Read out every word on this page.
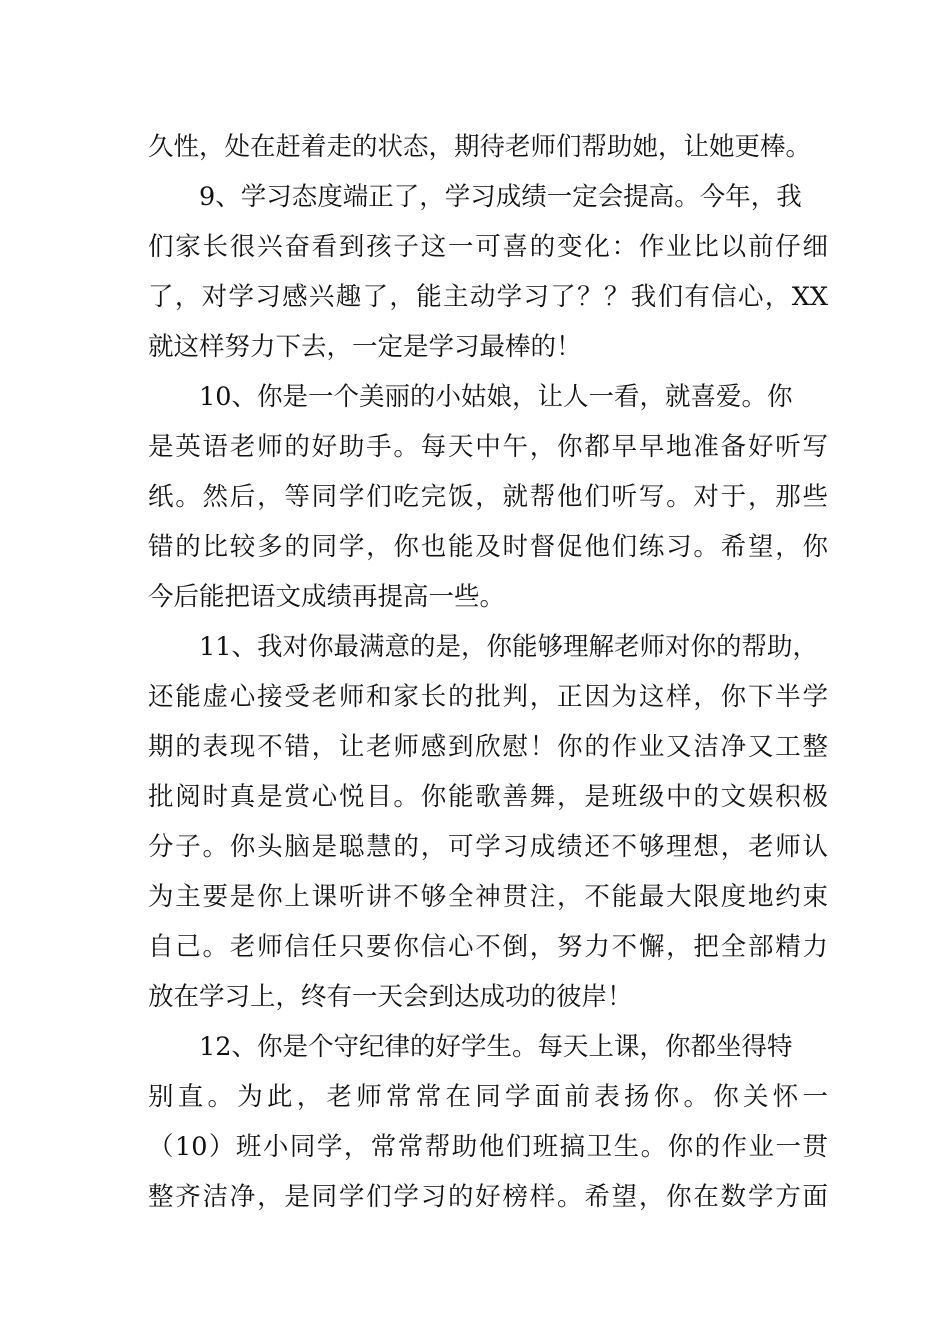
久性，处在赶着走的状态，期待老师们帮助她，让她更棒。
9、学习态度端正了，学习成绩一定会提高。今年，我
们家长很兴奋看到孩子这一可喜的变化：作业比以前仔细
了，对学习感兴趣了，能主动学习了？？我们有信心，XX
就这样努力下去，一定是学习最棒的！
10、你是一个美丽的小姑娘，让人一看，就喜爱。你
是英语老师的好助手。每天中午，你都早早地准备好听写
纸。然后，等同学们吃完饭，就帮他们听写。对于，那些
错的比较多的同学，你也能及时督促他们练习。希望，你
今后能把语文成绩再提高一些。
11、我对你最满意的是，你能够理解老师对你的帮助，
还能虚心接受老师和家长的批判，正因为这样，你下半学
期的表现不错，让老师感到欣慰！你的作业又洁净又工整
批阅时真是赏心悦目。你能歌善舞，是班级中的文娱积极
分子。你头脑是聪慧的，可学习成绩还不够理想，老师认
为主要是你上课听讲不够全神贯注，不能最大限度地约束
自己。老师信任只要你信心不倒，努力不懈，把全部精力
放在学习上，终有一天会到达成功的彼岸！
12、你是个守纪律的好学生。每天上课，你都坐得特
别直。为此，老师常常在同学面前表扬你。你关怀一
（10）班小同学，常常帮助他们班搞卫生。你的作业一贯
整齐洁净，是同学们学习的好榜样。希望，你在数学方面
